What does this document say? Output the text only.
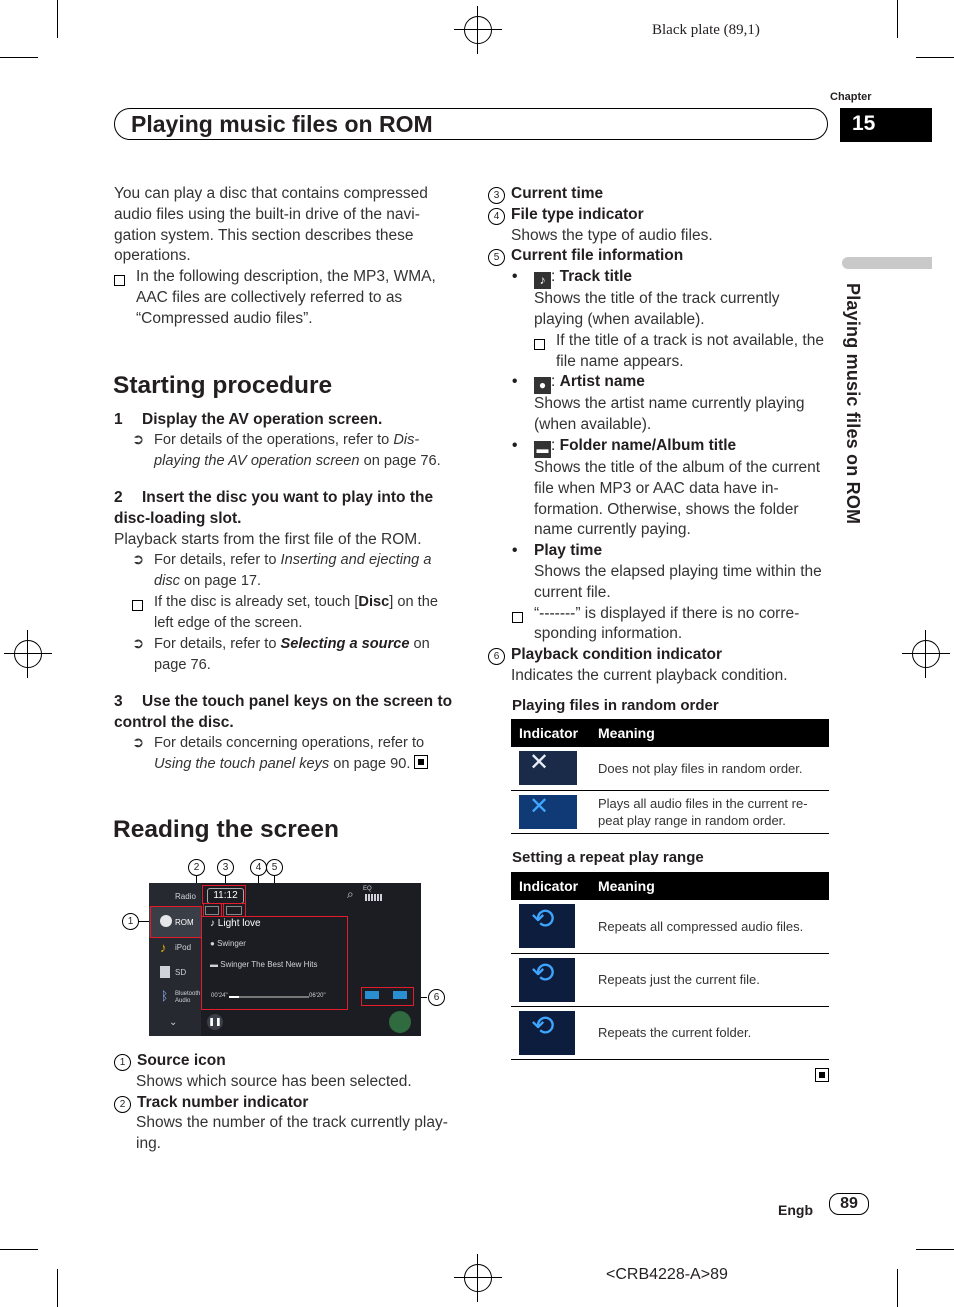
Black plate (89,1)
Playing music files on ROM
Chapter
15
Playing music files on ROM

You can play a disc that contains compressed audio files using the built-in drive of the navigation system. This section describes these operations.

In the following description, the MP3, WMA, AAC files are collectively referred to as “Compressed audio files”.
Starting procedure
1 Display the AV operation screen.
➲ For details of the operations, refer to Displaying the AV operation screen on page 76.
2 Insert the disc you want to play into the disc-loading slot.

Playback starts from the first file of the ROM.

➲ For details, refer to Inserting and ejecting a disc on page 17.
If the disc is already set, touch [Disc] on the left edge of the screen.
➲ For details, refer to Selecting a source on page 76.
3 Use the touch panel keys on the screen to control the disc.
➲ For details concerning operations, refer to Using the touch panel keys on page 90.
Reading the screen
2	3	4	5
1
6
Radio
ROM
iPod
SD
Bluetooth
Audio
♪
ᛒ
⌄
11:12	⌕ EQ
♪ Light love
● Swinger
▬ Swinger The Best New Hits
00'24"	06'20"
❚❚
1 Source icon
Shows which source has been selected.
2 Track number indicator
Shows the number of the track currently playing.
3 Current time
4 File type indicator
Shows the type of audio files.
5 Current file information
• ♪ : Track title
Shows the title of the track currently playing (when available).
If the title of a track is not available, the file name appears.
• ● : Artist name
Shows the artist name currently playing (when available).
• ▬ : Folder name/Album title
Shows the title of the album of the current file when MP3 or AAC data have information. Otherwise, shows the folder name currently paying.
• Play time
Shows the elapsed playing time within the current file.
“-------” is displayed if there is no corresponding information.
6 Playback condition indicator
Indicates the current playback condition.
Playing files in random order
Indicator	Meaning

✕	Does not play files in random order.

✕	Plays all audio files in the current repeat play range in random order.
Setting a repeat play range
Indicator	Meaning

⟲	Repeats all compressed audio files.

⟲	Repeats just the current file.

⟲	Repeats the current folder.
Engb	89
<CRB4228-A>89
